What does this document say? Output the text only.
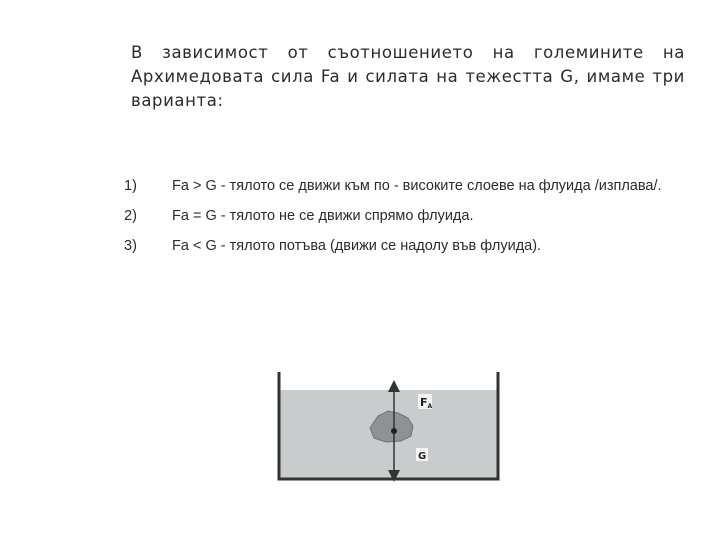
В зависимост от съотношението на големините на Архимедовата сила Fa и силата на тежестта G, имаме три варианта:
1)	Fa > G - тялото се движи към по - високите слоеве на флуида /изплава/.
2)	Fa = G - тялото не се движи спрямо флуида.
3)	Fa < G - тялото потъва (движи се надолу във флуида).
FA
G
